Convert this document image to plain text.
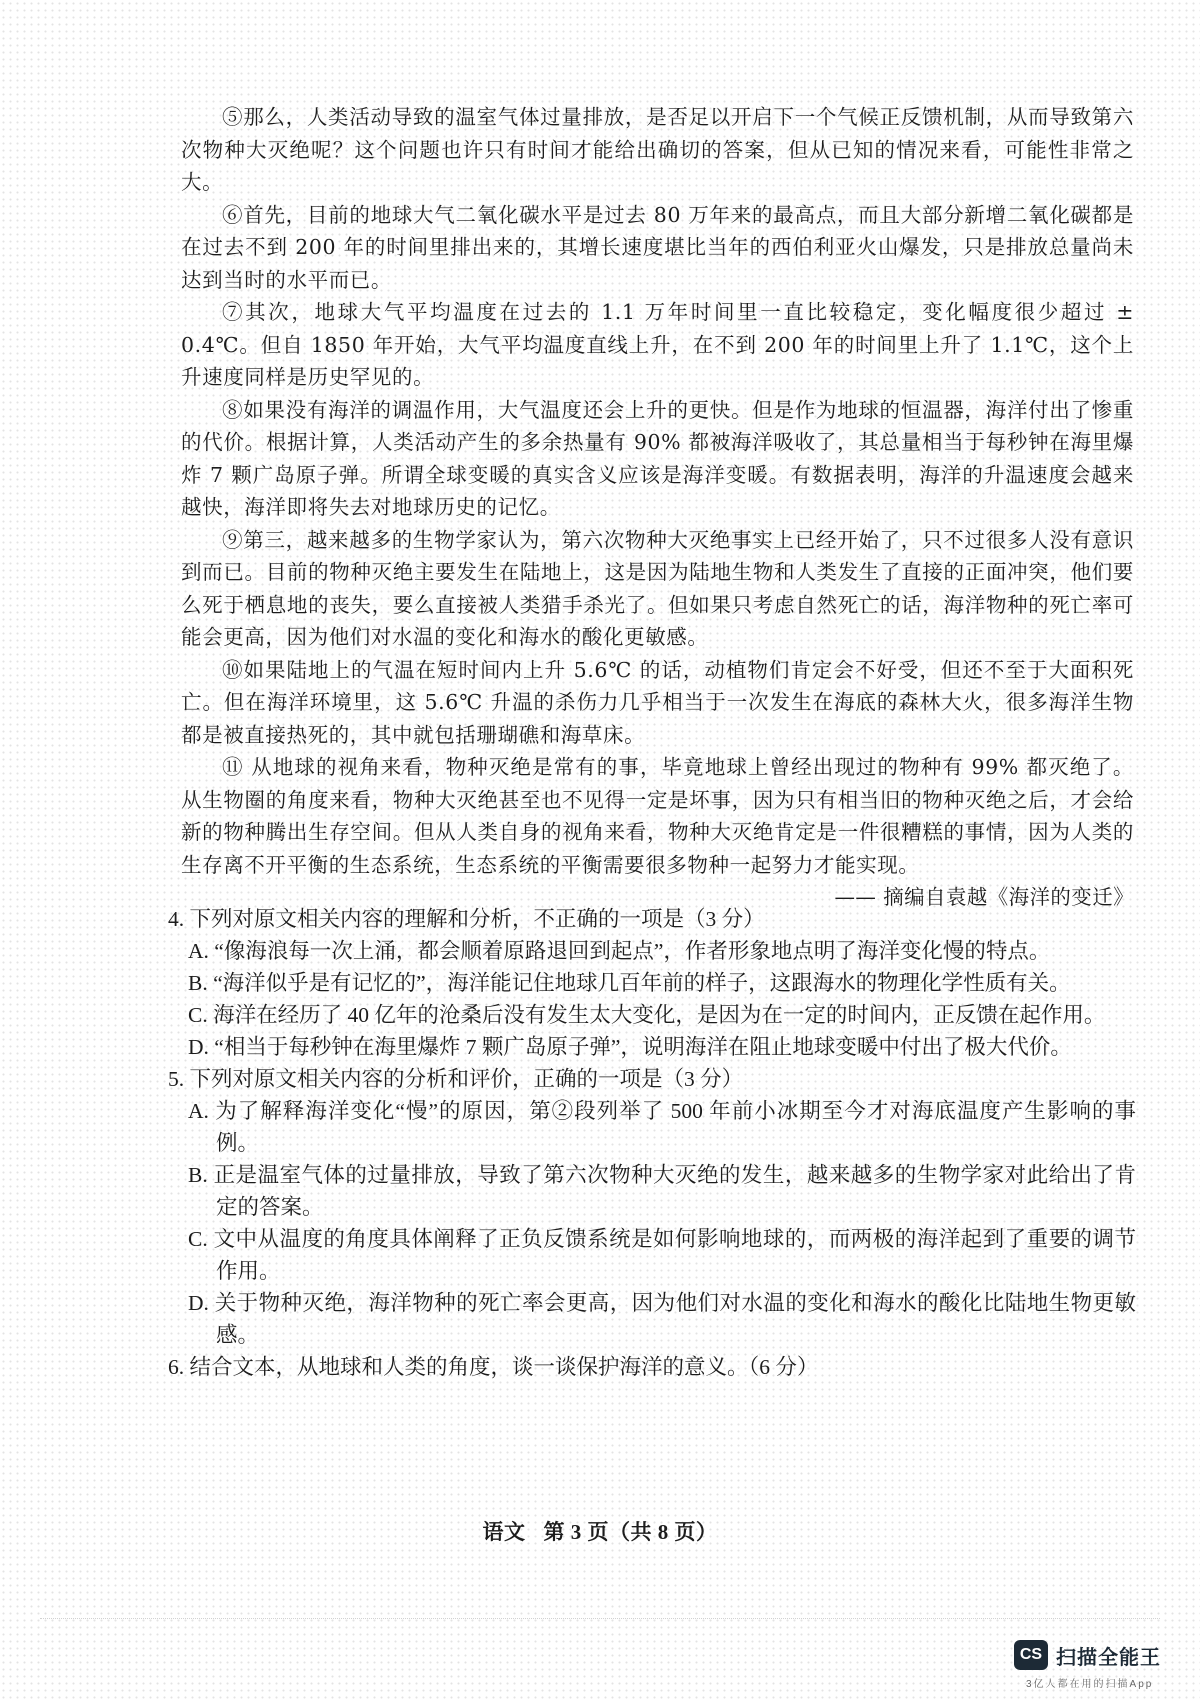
⑤那么，人类活动导致的温室气体过量排放，是否足以开启下一个气候正反馈机制，从而导致第六次物种大灭绝呢？这个问题也许只有时间才能给出确切的答案，但从已知的情况来看，可能性非常之大。

⑥首先，目前的地球大气二氧化碳水平是过去 80 万年来的最高点，而且大部分新增二氧化碳都是在过去不到 200 年的时间里排出来的，其增长速度堪比当年的西伯利亚火山爆发，只是排放总量尚未达到当时的水平而已。

⑦其次，地球大气平均温度在过去的 1.1 万年时间里一直比较稳定，变化幅度很少超过 ± 0.4℃。但自 1850 年开始，大气平均温度直线上升，在不到 200 年的时间里上升了 1.1℃，这个上升速度同样是历史罕见的。

⑧如果没有海洋的调温作用，大气温度还会上升的更快。但是作为地球的恒温器，海洋付出了惨重的代价。根据计算，人类活动产生的多余热量有 90% 都被海洋吸收了，其总量相当于每秒钟在海里爆炸 7 颗广岛原子弹。所谓全球变暖的真实含义应该是海洋变暖。有数据表明，海洋的升温速度会越来越快，海洋即将失去对地球历史的记忆。

⑨第三，越来越多的生物学家认为，第六次物种大灭绝事实上已经开始了，只不过很多人没有意识到而已。目前的物种灭绝主要发生在陆地上，这是因为陆地生物和人类发生了直接的正面冲突，他们要么死于栖息地的丧失，要么直接被人类猎手杀光了。但如果只考虑自然死亡的话，海洋物种的死亡率可能会更高，因为他们对水温的变化和海水的酸化更敏感。

⑩如果陆地上的气温在短时间内上升 5.6℃ 的话，动植物们肯定会不好受，但还不至于大面积死亡。但在海洋环境里，这 5.6℃ 升温的杀伤力几乎相当于一次发生在海底的森林大火，很多海洋生物都是被直接热死的，其中就包括珊瑚礁和海草床。

⑪ 从地球的视角来看，物种灭绝是常有的事，毕竟地球上曾经出现过的物种有 99% 都灭绝了。从生物圈的角度来看，物种大灭绝甚至也不见得一定是坏事，因为只有相当旧的物种灭绝之后，才会给新的物种腾出生存空间。但从人类自身的视角来看，物种大灭绝肯定是一件很糟糕的事情，因为人类的生存离不开平衡的生态系统，生态系统的平衡需要很多物种一起努力才能实现。

—— 摘编自袁越《海洋的变迁》

4. 下列对原文相关内容的理解和分析，不正确的一项是（3 分）

A. “像海浪每一次上涌，都会顺着原路退回到起点”，作者形象地点明了海洋变化慢的特点。

B. “海洋似乎是有记忆的”，海洋能记住地球几百年前的样子，这跟海水的物理化学性质有关。

C. 海洋在经历了 40 亿年的沧桑后没有发生太大变化，是因为在一定的时间内，正反馈在起作用。

D. “相当于每秒钟在海里爆炸 7 颗广岛原子弹”，说明海洋在阻止地球变暖中付出了极大代价。

5. 下列对原文相关内容的分析和评价，正确的一项是（3 分）

A. 为了解释海洋变化“慢”的原因，第②段列举了 500 年前小冰期至今才对海底温度产生影响的事例。

B. 正是温室气体的过量排放，导致了第六次物种大灭绝的发生，越来越多的生物学家对此给出了肯定的答案。

C. 文中从温度的角度具体阐释了正负反馈系统是如何影响地球的，而两极的海洋起到了重要的调节作用。

D. 关于物种灭绝，海洋物种的死亡率会更高，因为他们对水温的变化和海水的酸化比陆地生物更敏感。

6. 结合文本，从地球和人类的角度，谈一谈保护海洋的意义。（6 分）

语文 第 3 页（共 8 页）
CS 扫描全能王
3亿人都在用的扫描App
